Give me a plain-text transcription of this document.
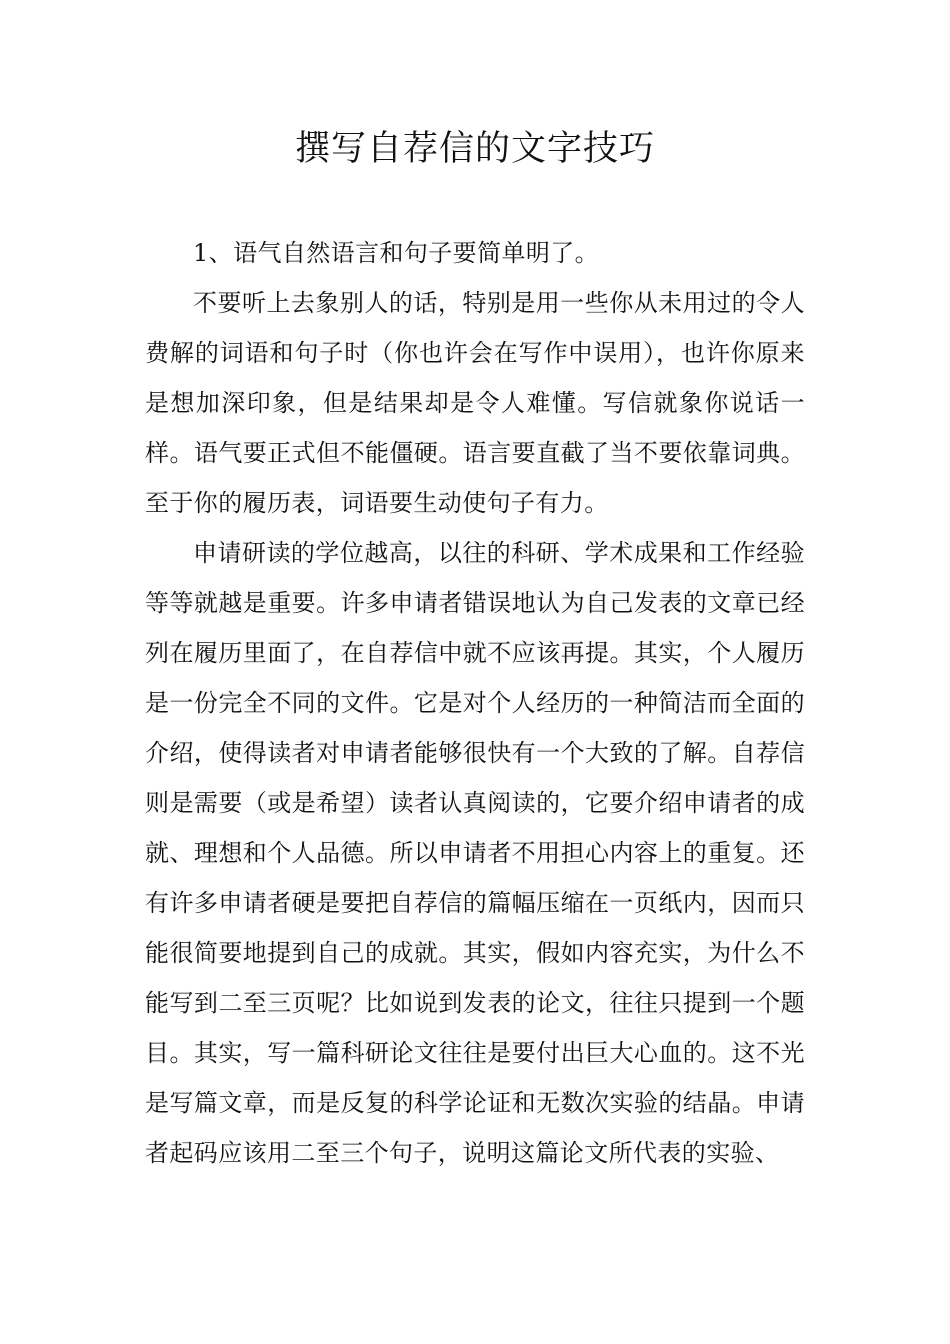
撰写自荐信的文字技巧

1、语气自然语言和句子要简单明了。

不要听上去象别人的话，特别是用一些你从未用过的令人费解的词语和句子时（你也许会在写作中误用），也许你原来是想加深印象，但是结果却是令人难懂。写信就象你说话一样。语气要正式但不能僵硬。语言要直截了当不要依靠词典。至于你的履历表，词语要生动使句子有力。

申请研读的学位越高，以往的科研、学术成果和工作经验等等就越是重要。许多申请者错误地认为自己发表的文章已经列在履历里面了，在自荐信中就不应该再提。其实，个人履历是一份完全不同的文件。它是对个人经历的一种简洁而全面的介绍，使得读者对申请者能够很快有一个大致的了解。自荐信则是需要（或是希望）读者认真阅读的，它要介绍申请者的成就、理想和个人品德。所以申请者不用担心内容上的重复。还有许多申请者硬是要把自荐信的篇幅压缩在一页纸内，因而只能很简要地提到自己的成就。其实，假如内容充实，为什么不能写到二至三页呢？比如说到发表的论文，往往只提到一个题目。其实，写一篇科研论文往往是要付出巨大心血的。这不光是写篇文章，而是反复的科学论证和无数次实验的结晶。申请者起码应该用二至三个句子，说明这篇论文所代表的实验、
